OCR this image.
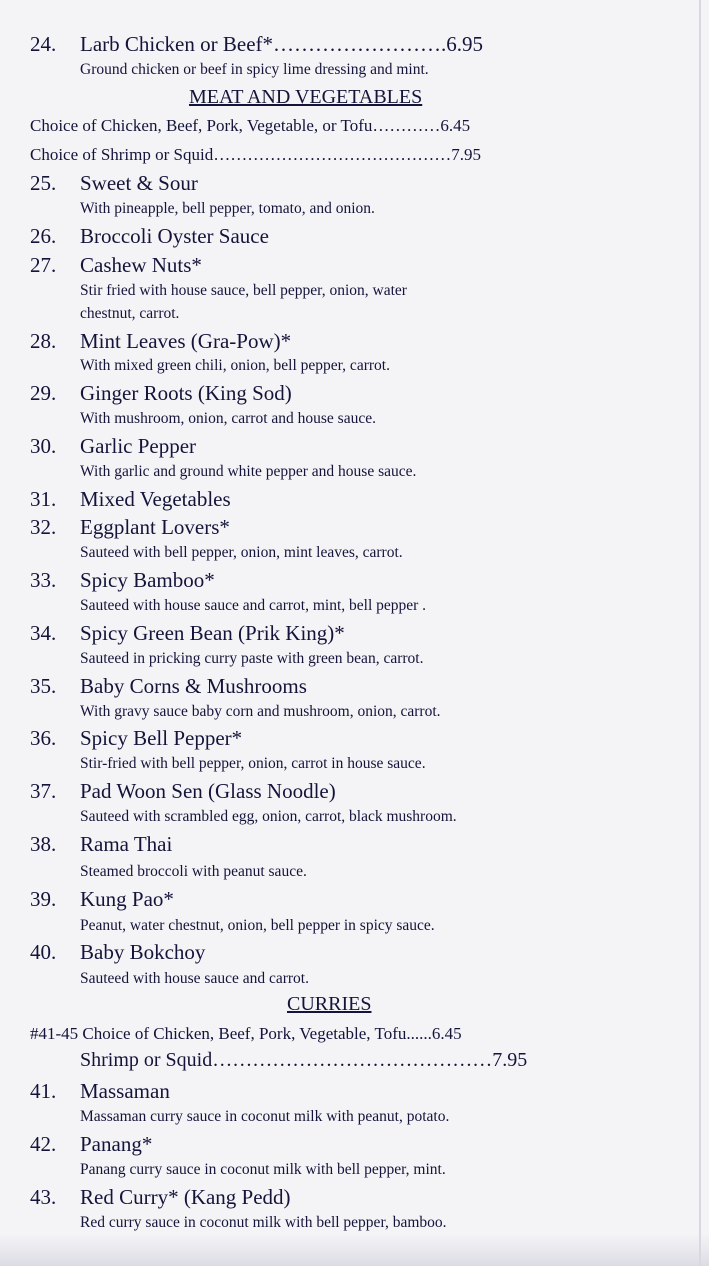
24. Larb Chicken or Beef*…………………….6.95
Ground chicken or beef in spicy lime dressing and mint.
MEAT AND VEGETABLES
Choice of Chicken, Beef, Pork, Vegetable, or Tofu…………6.45
Choice of Shrimp or Squid……………………………………7.95
25. Sweet & Sour
With pineapple, bell pepper, tomato, and onion.
26. Broccoli Oyster Sauce
27. Cashew Nuts*
Stir fried with house sauce, bell pepper, onion, water
chestnut, carrot.
28. Mint Leaves (Gra-Pow)*
With mixed green chili, onion, bell pepper, carrot.
29. Ginger Roots (King Sod)
With mushroom, onion, carrot and house sauce.
30. Garlic Pepper
With garlic and ground white pepper and house sauce.
31. Mixed Vegetables
32. Eggplant Lovers*
Sauteed with bell pepper, onion, mint leaves, carrot.
33. Spicy Bamboo*
Sauteed with house sauce and carrot, mint, bell pepper .
34. Spicy Green Bean (Prik King)*
Sauteed in pricking curry paste with green bean, carrot.
35. Baby Corns & Mushrooms
With gravy sauce baby corn and mushroom, onion, carrot.
36. Spicy Bell Pepper*
Stir-fried with bell pepper, onion, carrot in house sauce.
37. Pad Woon Sen (Glass Noodle)
Sauteed with scrambled egg, onion, carrot, black mushroom.
38. Rama Thai
Steamed broccoli with peanut sauce.
39. Kung Pao*
Peanut, water chestnut, onion, bell pepper in spicy sauce.
40. Baby Bokchoy
Sauteed with house sauce and carrot.
CURRIES
#41-45 Choice of Chicken, Beef, Pork, Vegetable, Tofu......6.45
Shrimp or Squid……………………………………7.95
41. Massaman
Massaman curry sauce in coconut milk with peanut, potato.
42. Panang*
Panang curry sauce in coconut milk with bell pepper, mint.
43. Red Curry* (Kang Pedd)
Red curry sauce in coconut milk with bell pepper, bamboo.
